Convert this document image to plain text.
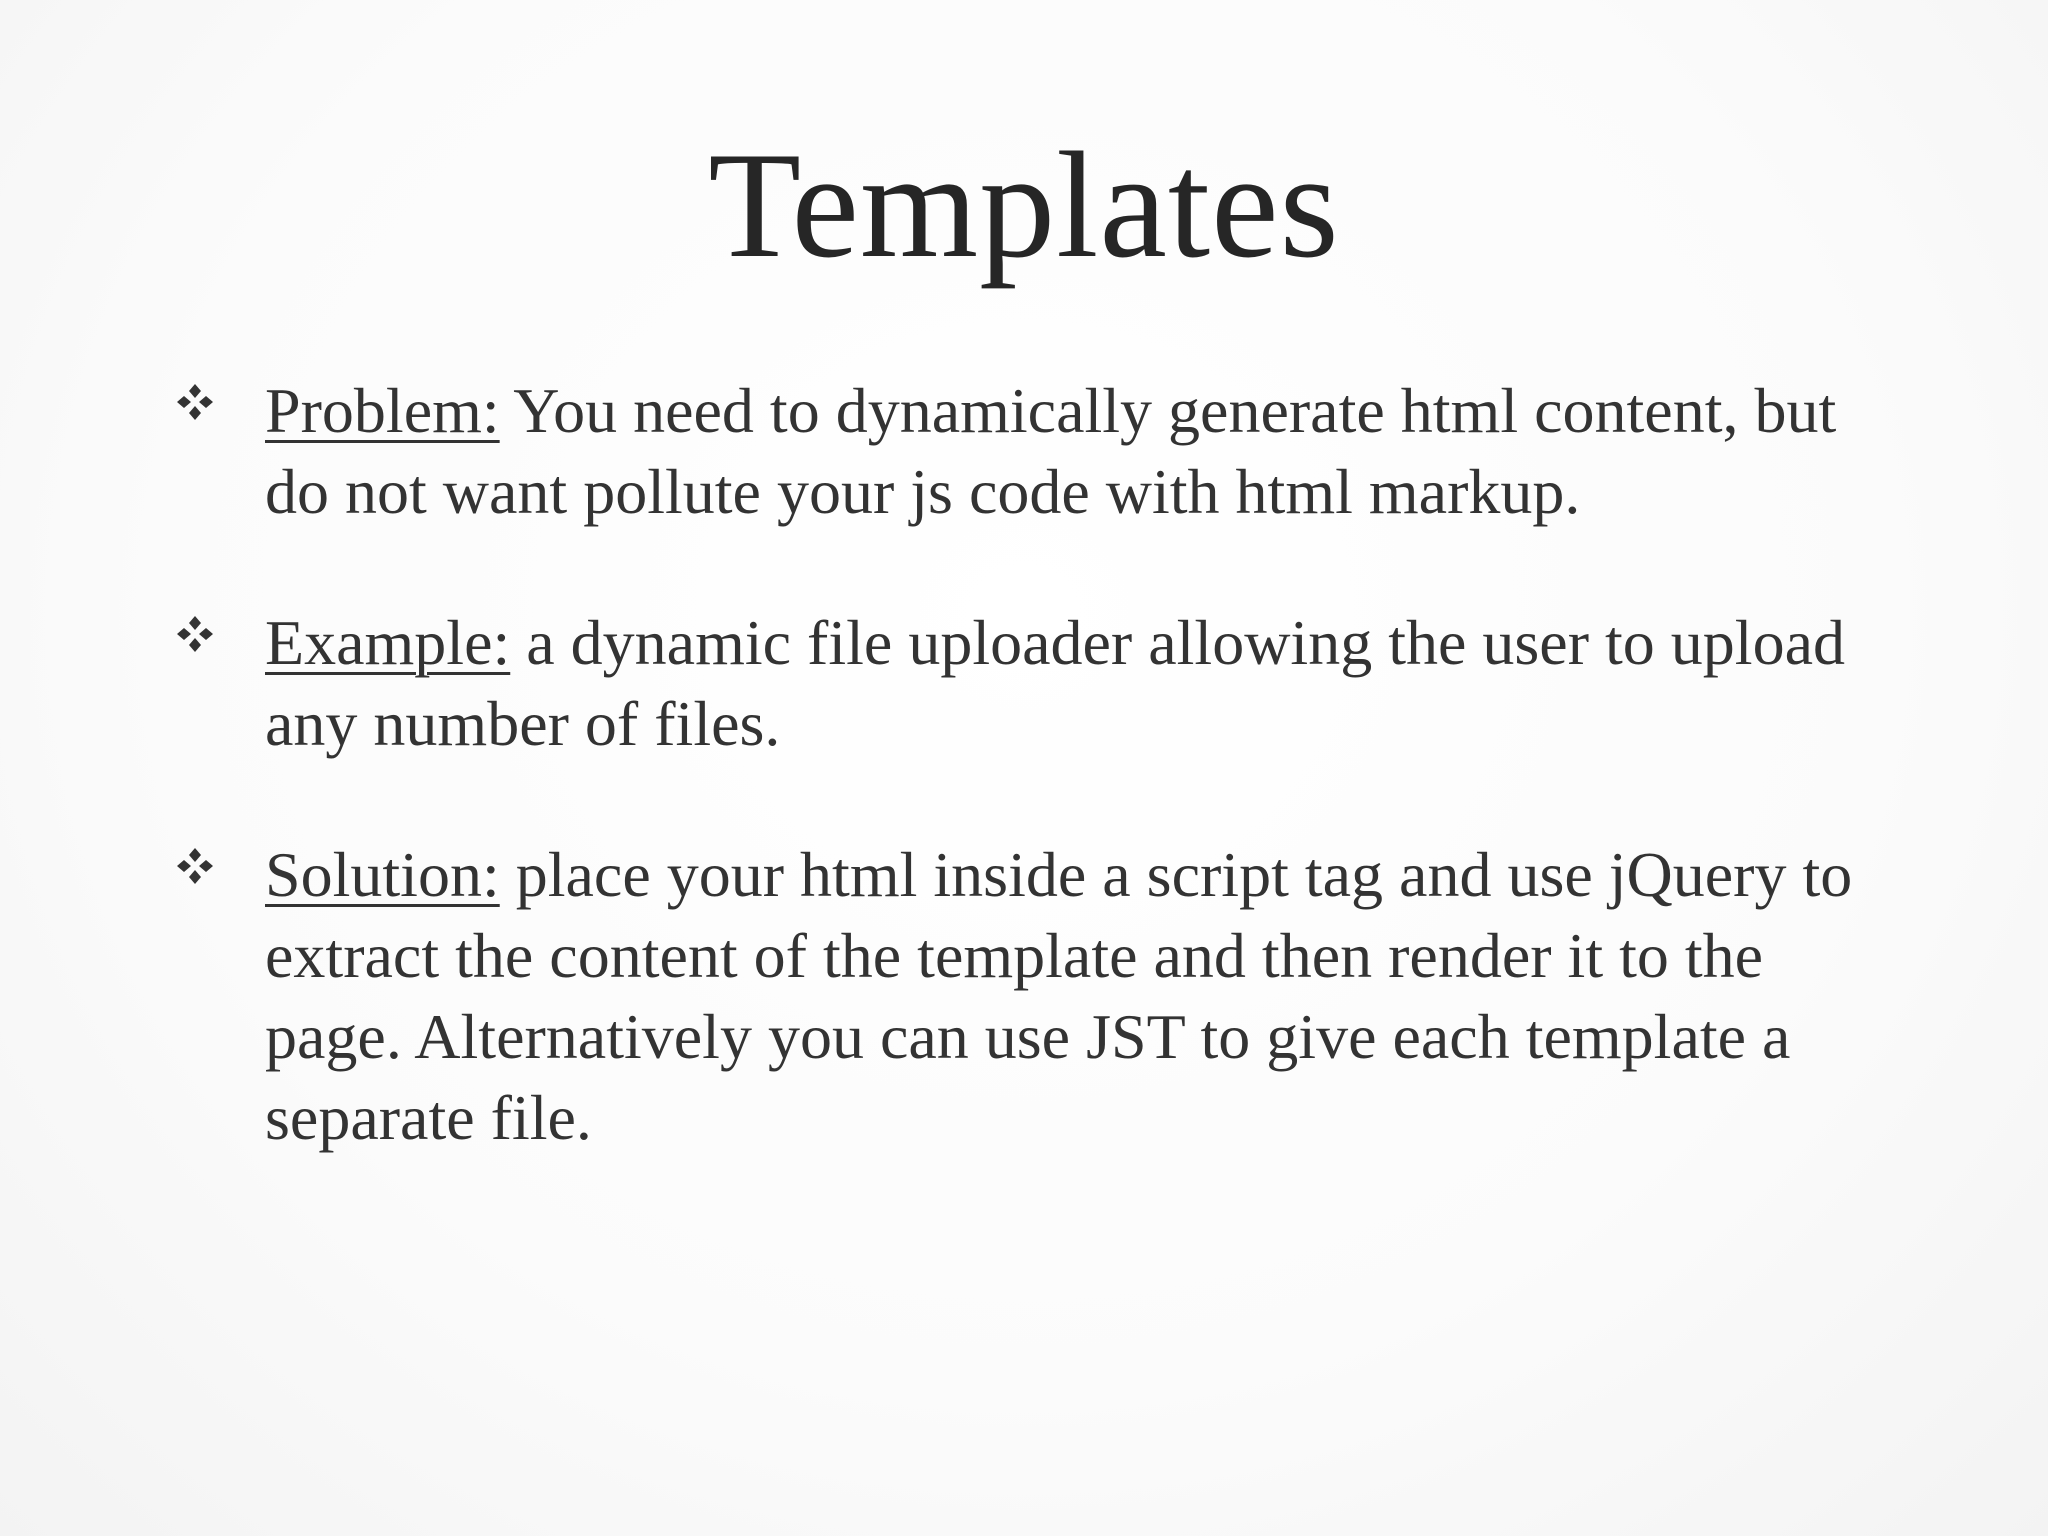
Templates
Problem: You need to dynamically generate html content, but do not want pollute your js code with html markup.
Example: a dynamic file uploader allowing the user to upload any number of files.
Solution: place your html inside a script tag and use jQuery to extract the content of the template and then render it to the page. Alternatively you can use JST to give each template a separate file.
